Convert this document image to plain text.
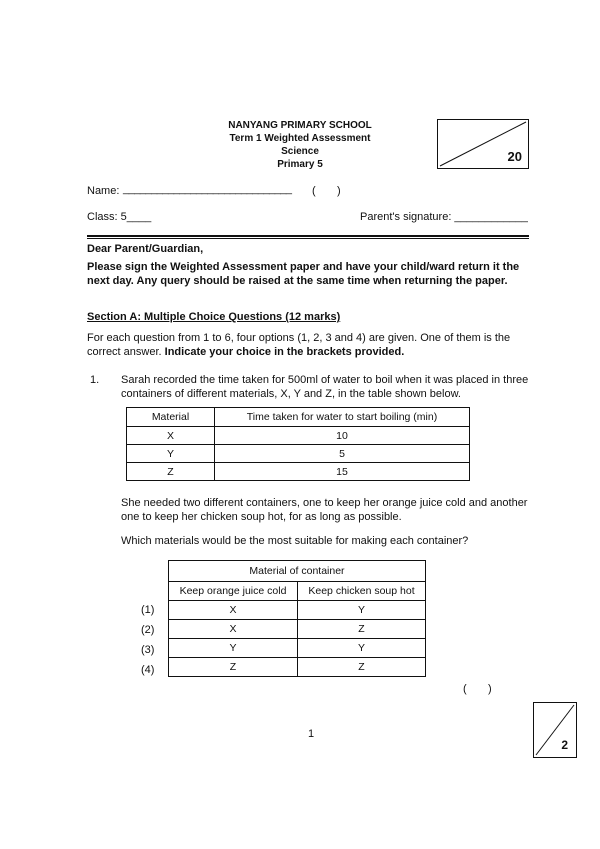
NANYANG PRIMARY SCHOOL
Term 1 Weighted Assessment
Science
Primary 5
20
Name: ______________________________ (       )
Class: 5____	Parent's signature: ____________
Dear Parent/Guardian,
Please sign the Weighted Assessment paper and have your child/ward return it the next day. Any query should be raised at the same time when returning the paper.
Section A: Multiple Choice Questions (12 marks)
For each question from 1 to 6, four options (1, 2, 3 and 4) are given. One of them is the correct answer. Indicate your choice in the brackets provided.
1. Sarah recorded the time taken for 500ml of water to boil when it was placed in three containers of different materials, X, Y and Z, in the table shown below.
Material	Time taken for water to start boiling (min)
X	10
Y	5
Z	15
She needed two different containers, one to keep her orange juice cold and another one to keep her chicken soup hot, for as long as possible.
Which materials would be the most suitable for making each container?
Material of container	
Keep orange juice cold	Keep chicken soup hot
X	Y
X	Z
Y	Y
Z	Z
(1)
(2)
(3)
(4)
(       )
1
2
